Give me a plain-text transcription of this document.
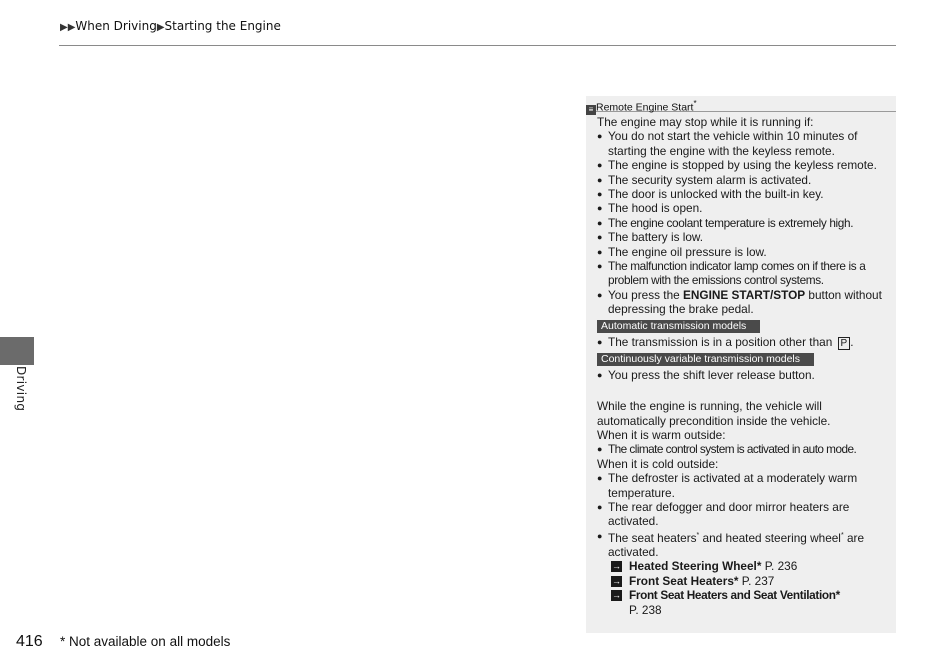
▶▶When Driving▶Starting the Engine
Driving
≡ Remote Engine Start*

The engine may stop while it is running if:

● You do not start the vehicle within 10 minutes of starting the engine with the keyless remote.
● The engine is stopped by using the keyless remote.
● The security system alarm is activated.
● The door is unlocked with the built-in key.
● The hood is open.
● The engine coolant temperature is extremely high.
● The battery is low.
● The engine oil pressure is low.
● The malfunction indicator lamp comes on if there is a problem with the emissions control systems.
● You press the ENGINE START/STOP button without depressing the brake pedal.
Automatic transmission models
● The transmission is in a position other than P .
Continuously variable transmission models
● You press the shift lever release button.

While the engine is running, the vehicle will

automatically precondition inside the vehicle.

When it is warm outside:

● The climate control system is activated in auto mode.

When it is cold outside:

● The defroster is activated at a moderately warm temperature.
● The rear defogger and door mirror heaters are activated.
● The seat heaters* and heated steering wheel* are activated.
→ Heated Steering Wheel* P. 236
→ Front Seat Heaters* P. 237
→ Front Seat Heaters and Seat Ventilation*
P. 238
416 * Not available on all models
